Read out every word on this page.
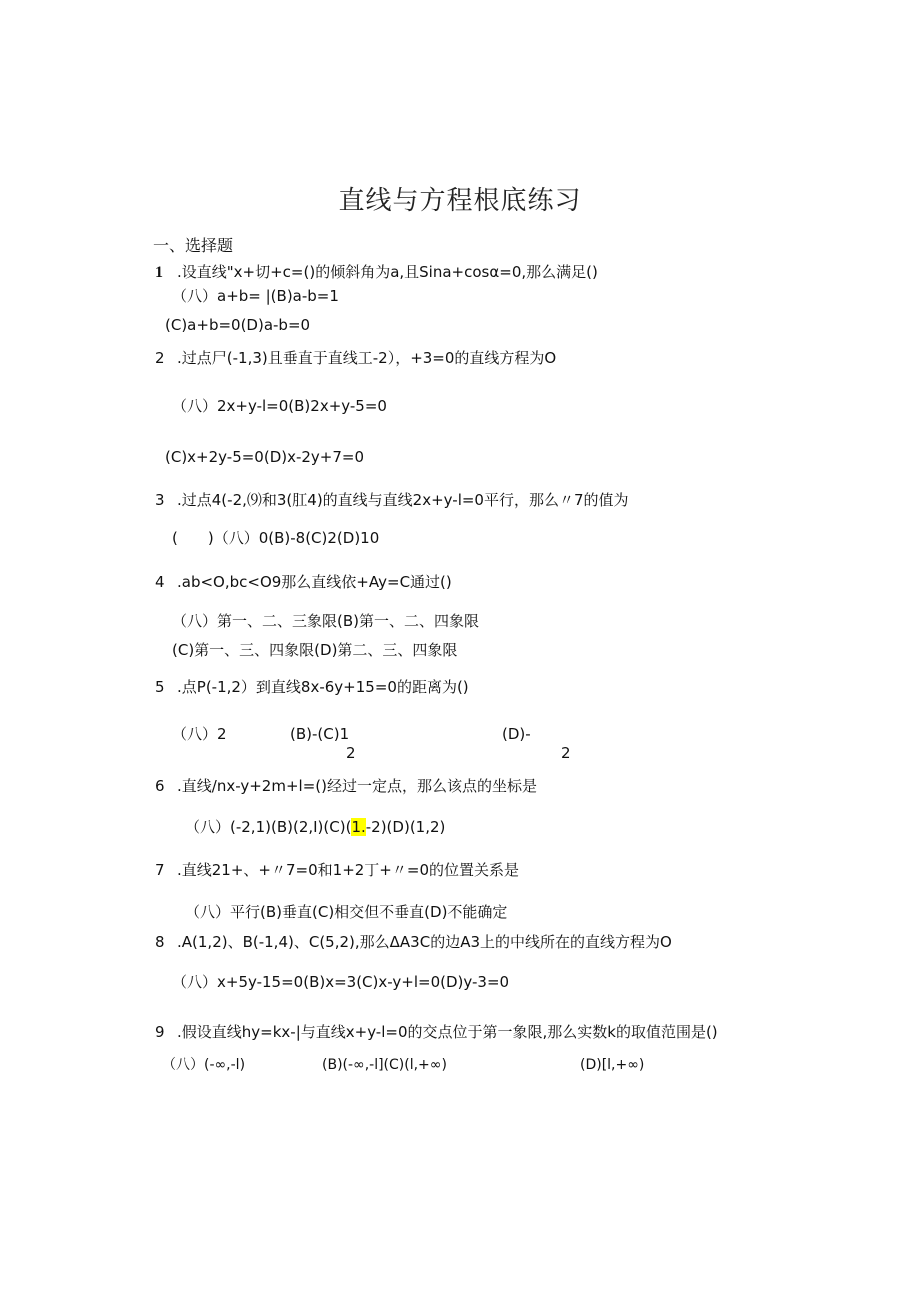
直线与方程根底练习
一、选择题
1 .设直线"x+切+c=()的倾斜角为a,且Sina+cosα=0,那么满足()
（八）a+b= |(B)a-b=1
(C)a+b=0(D)a-b=0
2 .过点尸(-1,3)且垂直于直线工-2），+3=0的直线方程为O
（八）2x+y-l=0(B)2x+y-5=0
(C)x+2y-5=0(D)x-2y+7=0
3 .过点4(-2,⑼和3(肛4)的直线与直线2x+y-l=0平行，那么〃7的值为
(　　)（八）0(B)-8(C)2(D)10
4 .ab<O,bc<O9那么直线依+Ay=C通过()
（八）第一、二、三象限(B)第一、二、四象限
(C)第一、三、四象限(D)第二、三、四象限
5 .点P(-1,2）到直线8x-6y+15=0的距离为()
（八）2	(B)-(C)1
2
(D)-
2
6 .直线/nx-y+2m+l=()经过一定点，那么该点的坐标是
（八）(-2,1)(B)(2,I)(C)(1.-2)(D)(1,2)
7 .直线21+、+〃7=0和1+2丁+〃=0的位置关系是
（八）平行(B)垂直(C)相交但不垂直(D)不能确定
8 .A(1,2)、B(-1,4)、C(5,2),那么ΔA3C的边A3上的中线所在的直线方程为O
（八）x+5y-15=0(B)x=3(C)x-y+l=0(D)y-3=0
9 .假设直线hy=kx-|与直线x+y-l=0的交点位于第一象限,那么实数k的取值范围是()
（八）(-∞,-l)	(B)(-∞,-l](C)(l,+∞)	(D)[l,+∞)
